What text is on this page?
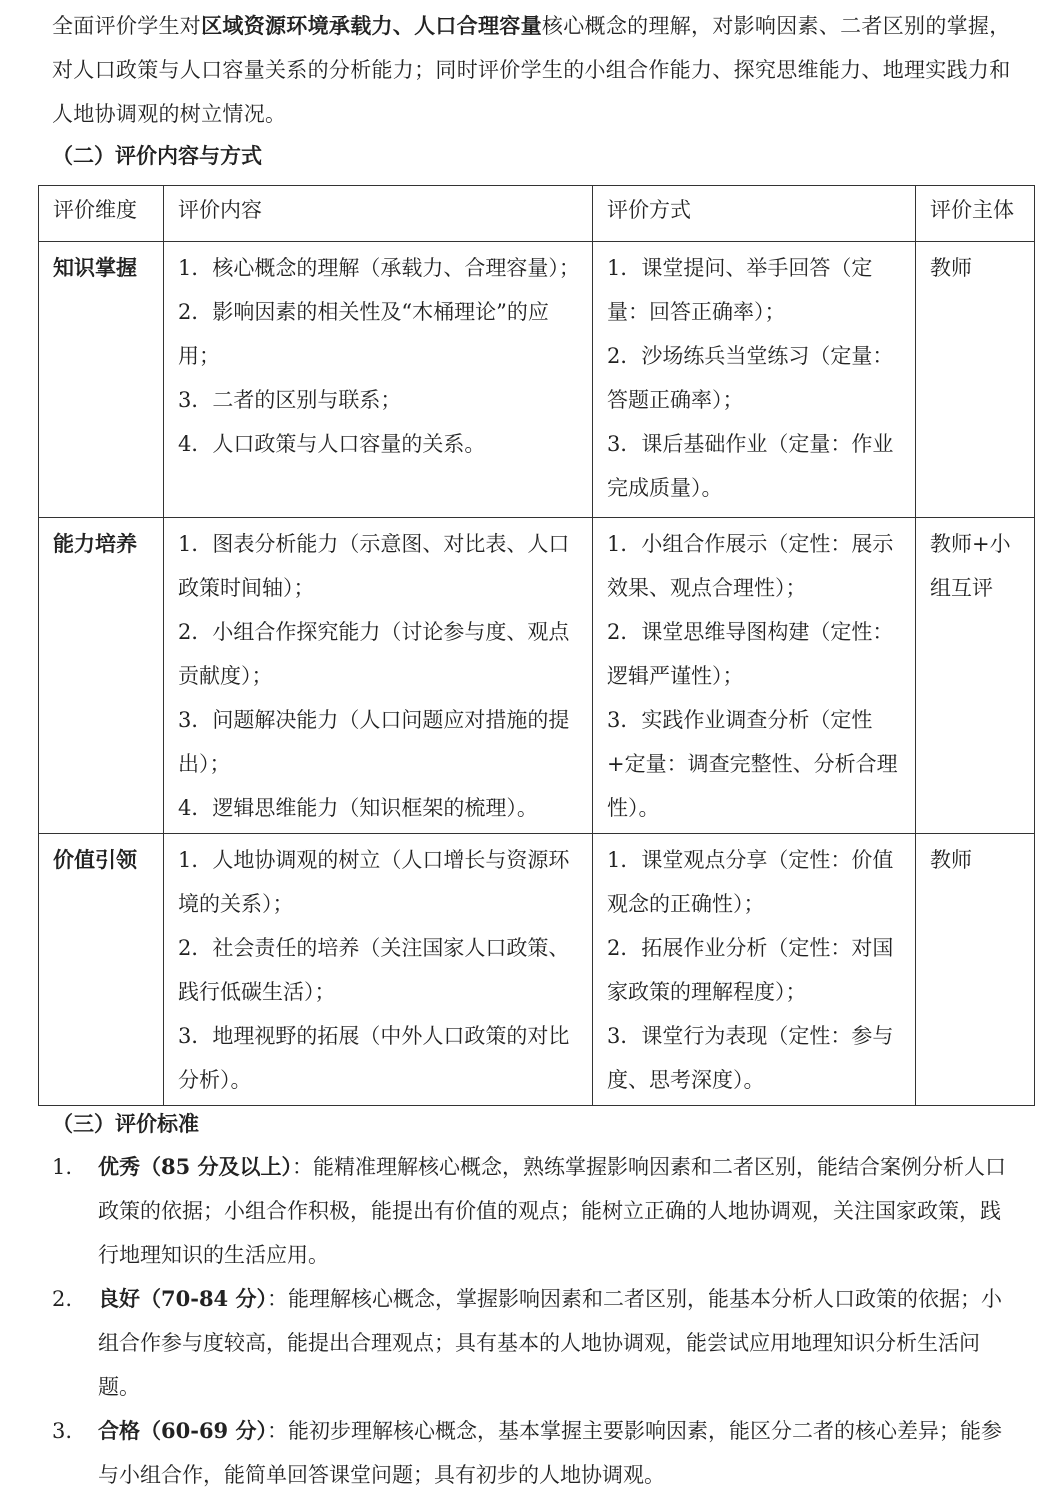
全面评价学生对区域资源环境承载力、人口合理容量核心概念的理解，对影响因素、二者区别的掌握，对人口政策与人口容量关系的分析能力；同时评价学生的小组合作能力、探究思维能力、地理实践力和人地协调观的树立情况。

（二）评价内容与方式

评价维度	评价内容	评价方式	评价主体
知识掌握	1．核心概念的理解（承载力、合理容量）；
2．影响因素的相关性及“木桶理论”的应用；
3．二者的区别与联系；
4．人口政策与人口容量的关系。	1．课堂提问、举手回答（定量：回答正确率）；
2．沙场练兵当堂练习（定量：答题正确率）；
3．课后基础作业（定量：作业完成质量）。	教师
能力培养	1．图表分析能力（示意图、对比表、人口政策时间轴）；
2．小组合作探究能力（讨论参与度、观点贡献度）；
3．问题解决能力（人口问题应对措施的提出）；
4．逻辑思维能力（知识框架的梳理）。	1．小组合作展示（定性：展示效果、观点合理性）；
2．课堂思维导图构建（定性：逻辑严谨性）；
3．实践作业调查分析（定性+定量：调查完整性、分析合理性）。	教师+小组互评
价值引领	1．人地协调观的树立（人口增长与资源环境的关系）；
2．社会责任的培养（关注国家人口政策、践行低碳生活）；
3．地理视野的拓展（中外人口政策的对比分析）。	1．课堂观点分享（定性：价值观念的正确性）；
2．拓展作业分析（定性：对国家政策的理解程度）；
3．课堂行为表现（定性：参与度、思考深度）。	教师

（三）评价标准

1. 优秀（85 分及以上）：能精准理解核心概念，熟练掌握影响因素和二者区别，能结合案例分析人口政策的依据；小组合作积极，能提出有价值的观点；能树立正确的人地协调观，关注国家政策，践行地理知识的生活应用。
2. 良好（70-84 分）：能理解核心概念，掌握影响因素和二者区别，能基本分析人口政策的依据；小组合作参与度较高，能提出合理观点；具有基本的人地协调观，能尝试应用地理知识分析生活问题。
3. 合格（60-69 分）：能初步理解核心概念，基本掌握主要影响因素，能区分二者的核心差异；能参与小组合作，能简单回答课堂问题；具有初步的人地协调观。
